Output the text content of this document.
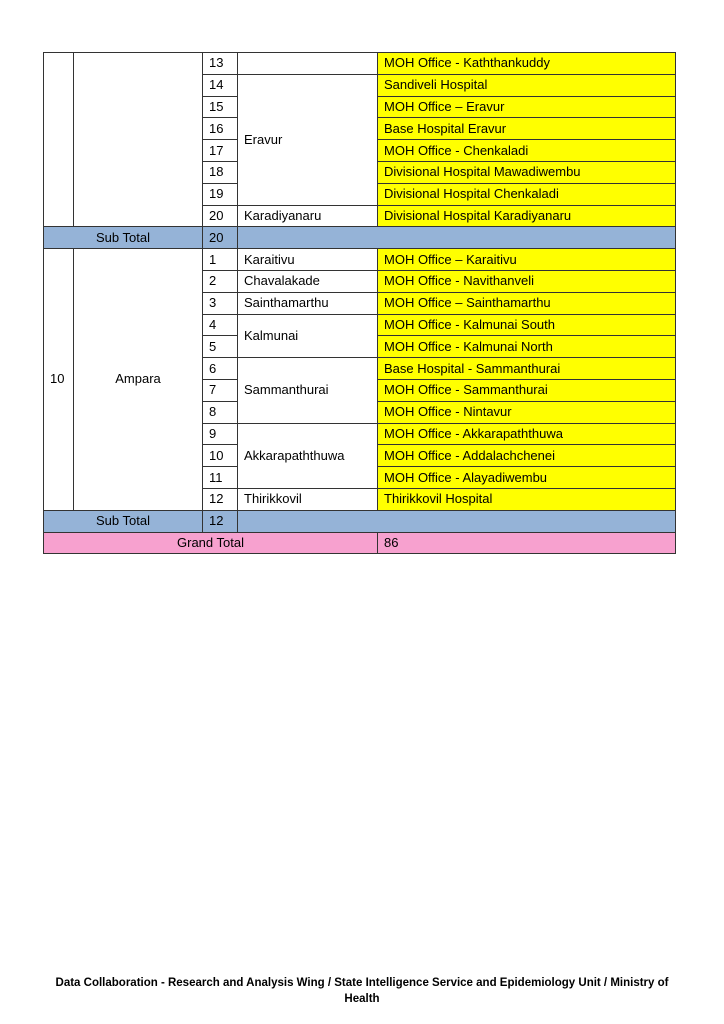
		13		MOH Office - Kaththankuddy
		14	Eravur	Sandiveli Hospital
		15		MOH Office – Eravur
		16		Base Hospital Eravur
		17		MOH Office - Chenkaladi
		18		Divisional Hospital Mawadiwembu
		19		Divisional Hospital Chenkaladi
		20	Karadiyanaru	Divisional Hospital Karadiyanaru
Sub Total		20		
10	Ampara	1	Karaitivu	MOH Office – Karaitivu
		2	Chavalakade	MOH Office - Navithanveli
		3	Sainthamarthu	MOH Office – Sainthamarthu
		4	Kalmunai	MOH Office - Kalmunai South
		5		MOH Office - Kalmunai North
		6	Sammanthurai	Base Hospital - Sammanthurai
		7		MOH Office - Sammanthurai
		8		MOH Office - Nintavur
		9	Akkarapaththuwa	MOH Office - Akkarapaththuwa
		10		MOH Office - Addalachchenei
		11		MOH Office - Alayadiwembu
		12	Thirikkovil	Thirikkovil Hospital
Sub Total		12		
Grand Total				86
Data Collaboration - Research and Analysis Wing / State Intelligence Service and Epidemiology Unit / Ministry of
Health
